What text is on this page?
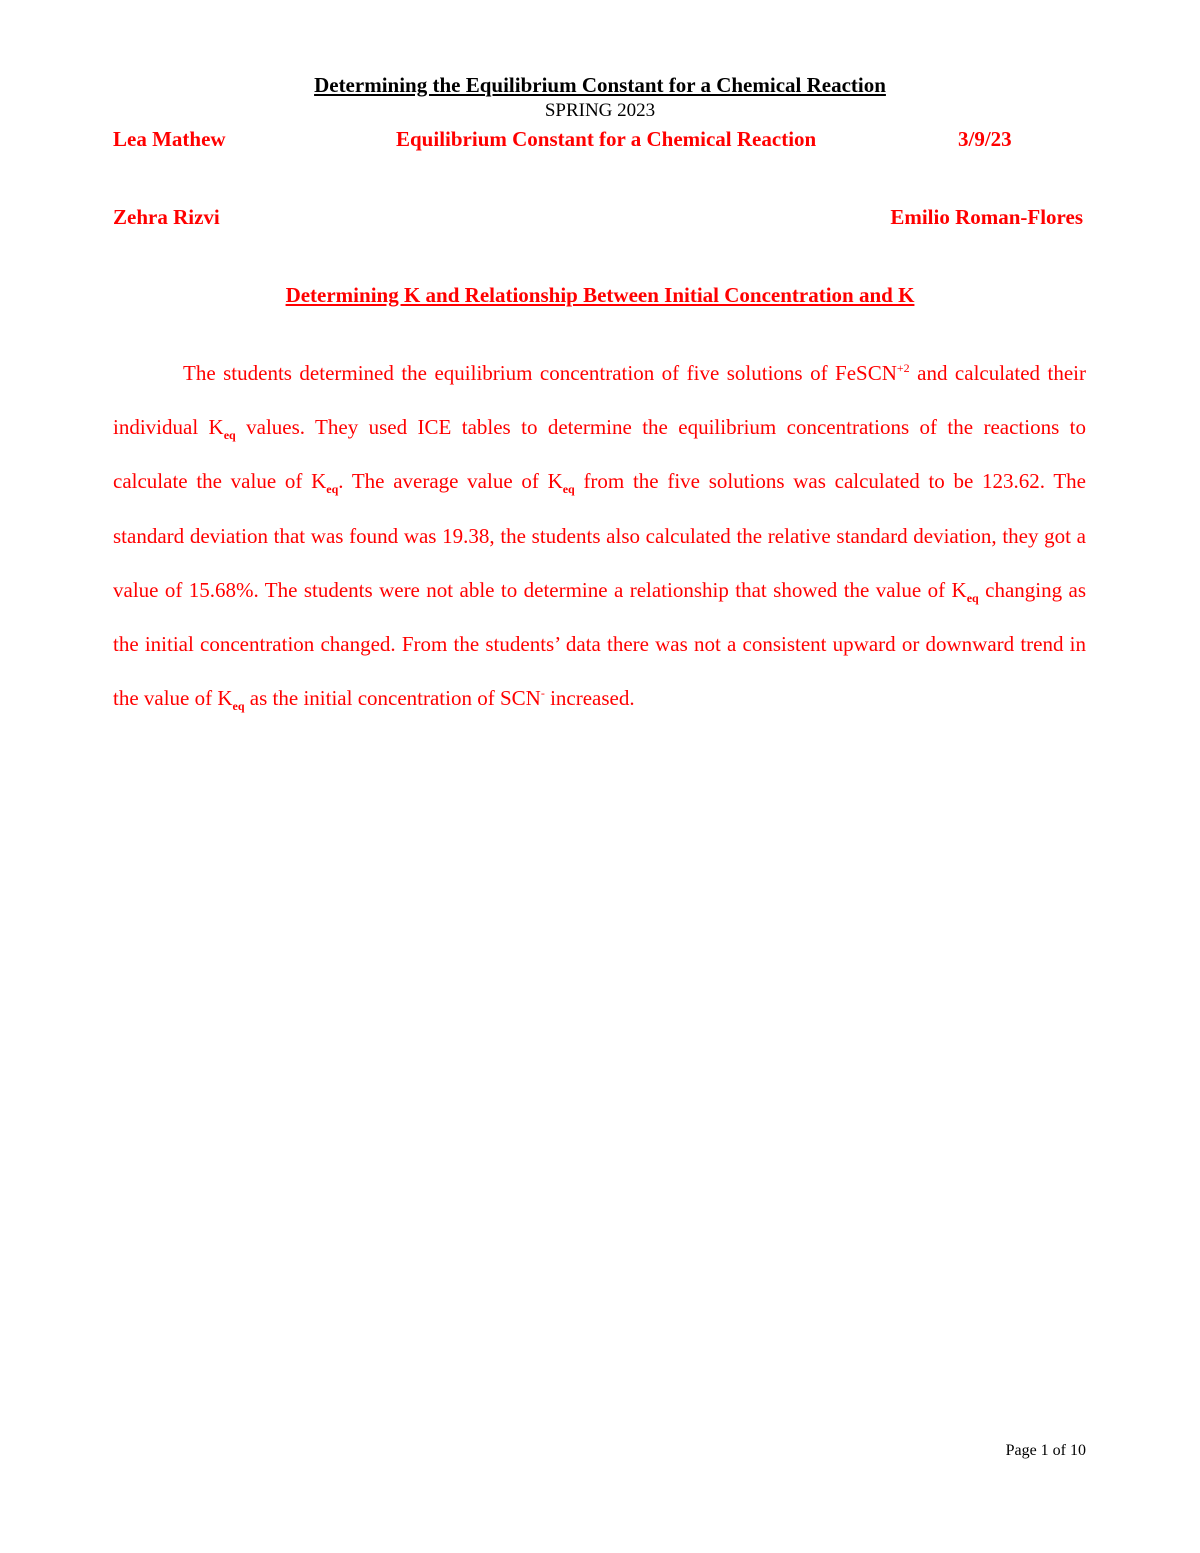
Determining the Equilibrium Constant for a Chemical Reaction
SPRING 2023
Lea Mathew	Equilibrium Constant for a Chemical Reaction	3/9/23
Zehra Rizvi	Emilio Roman-Flores
Determining K and Relationship Between Initial Concentration and K

The students determined the equilibrium concentration of five solutions of FeSCN$^{+2}$ and calculated their individual $K_{eq}$ values. They used ICE tables to determine the equilibrium concentrations of the reactions to calculate the value of $K_{eq}$. The average value of $K_{eq}$ from the five solutions was calculated to be 123.62. The standard deviation that was found was 19.38, the students also calculated the relative standard deviation, they got a value of 15.68%. The students were not able to determine a relationship that showed the value of $K_{eq}$ changing as the initial concentration changed. From the students’ data there was not a consistent upward or downward trend in the value of $K_{eq}$ as the initial concentration of SCN- increased.

Page 1 of 10
